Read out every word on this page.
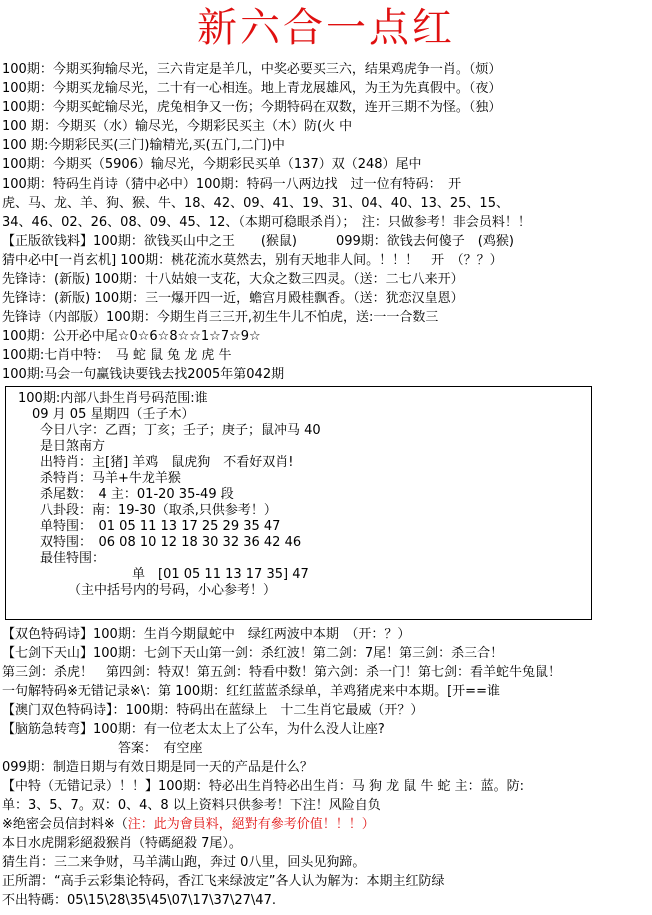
新六合一点红
100期：今期买狗输尽光，三六肯定是羊几，中奖必要买三六，结果鸡虎争一肖。（烦）
100期：今期买龙输尽光，二十有一心相连。地上青龙展雄风，为王为先真假中。（夜）
100期：今期买蛇输尽光，虎兔相争又一伤；今期特码在双数，连开三期不为怪。（独）
100 期：今期买（水）输尽光，今期彩民买主（木）防(火 中
100 期:今期彩民买(三门)输精光,买(五门,二门)中
100期：今期买（5906）输尽光，今期彩民买单（137）双（248）尾中
100期：特码生肖诗（猜中必中）100期：特码一八两边找　过一位有特码：　开
虎、马、龙、羊、狗、猴、牛、18、42、09、41、19、31、04、40、13、25、15、
34、46、02、26、08、09、45、12、（本期可稳眼杀肖）；　注：只做参考！非会员料！！
【正版欲钱料】100期：欲钱买山中之王　　(猴鼠)　　　099期：欲钱去何傻子　(鸡猴)
猜中必中[一肖玄机] 100期：桃花流水莫然去，别有天地非人间。！！！　开　（？？）
先锋诗：(新版) 100期：十八姑娘一支花，大众之数三四灵。（送：二七八来开）
先锋诗：(新版) 100期：三一爆开四一近，蟾宫月殿桂飘香。（送：犹恋汉皇恩）
先锋诗（内部版）100期：今期生肖三三开,初生牛儿不怕虎，送:一一合数三
100期：公开必中尾☆0☆6☆8☆☆1☆7☆9☆
100期:七肖中特：　马 蛇 鼠 兔 龙 虎 牛
100期:马会一句赢钱诀要钱去找2005年第042期
100期:内部八卦生肖号码范围:谁
09 月 05 星期四（壬子木）
今日八字：乙酉；丁亥；壬子；庚子；鼠冲马 40
是日煞南方
出特肖：主[猪] 羊鸡　鼠虎狗　不看好双肖!
杀特肖：马羊+牛龙羊猴
杀尾数：　4 主：01-20 35-49 段
八卦段：南：19-30（取杀,只供参考！）
单特围：　01 05 11 13 17 25 29 35 47
双特围：　06 08 10 12 18 30 32 36 42 46
最佳特围：
单　[01 05 11 13 17 35] 47
（主中括号内的号码，小心参考！）
【双色特码诗】100期：生肖今期鼠蛇中　绿红两波中本期　（开：？）
【七剑下天山】100期：七剑下天山第一剑：杀红波！第二剑：7尾！第三剑：杀三合！
第三剑：杀虎！　第四剑：特双！第五剑：特看中数！第六剑：杀一门！第七剑：看羊蛇牛兔鼠！
一句解特码※无错记录※\：第 100期：红红蓝蓝杀绿单，羊鸡猪虎来中本期。[开==谁
【澳门双色特码诗】：100期：特码出在蓝绿上　十二生肖它最威（开？）
【脑筋急转弯】100期：有一位老太太上了公车，为什么没人让座?
答案：　有空座
099期：制造日期与有效日期是同一天的产品是什么？
【中特（无错记录）！！】100期：特必出生肖特必出生肖：马 狗 龙 鼠 牛 蛇 主：蓝。防:
单：3、5、7。双：0、4、8 以上资料只供参考！下注！风险自负
※绝密会员信封料※（注：此为會員料，絕對有參考价值！！！）
本日水虎開彩絕殺猴肖（特碼絕殺 7尾）。
猜生肖：三二来争财，马羊满山跑，奔过 0八里，回头见狗蹄。
正所謂：“高手云彩集论特码，香江飞来绿波定”各人认为解为：本期主红防绿
不出特碼：05\15\28\35\45\07\17\37\27\47.
